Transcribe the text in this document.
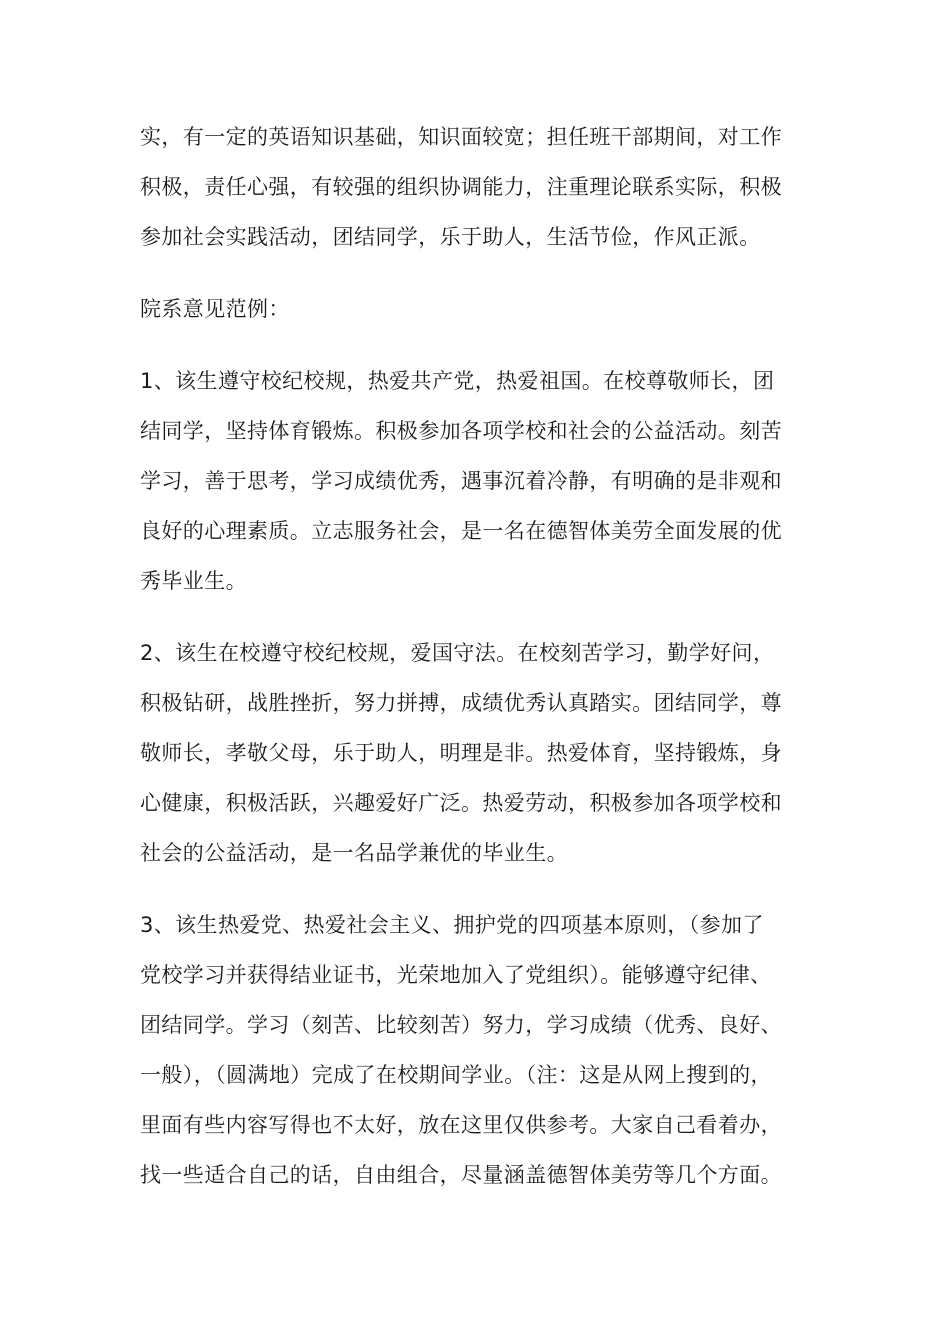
实，有一定的英语知识基础，知识面较宽；担任班干部期间，对工作
积极，责任心强，有较强的组织协调能力，注重理论联系实际，积极
参加社会实践活动，团结同学，乐于助人，生活节俭，作风正派。
院系意见范例：
1、该生遵守校纪校规，热爱共产党，热爱祖国。在校尊敬师长，团
结同学，坚持体育锻炼。积极参加各项学校和社会的公益活动。刻苦
学习，善于思考，学习成绩优秀，遇事沉着冷静，有明确的是非观和
良好的心理素质。立志服务社会，是一名在德智体美劳全面发展的优
秀毕业生。
2、该生在校遵守校纪校规，爱国守法。在校刻苦学习，勤学好问，
积极钻研，战胜挫折，努力拼搏，成绩优秀认真踏实。团结同学，尊
敬师长，孝敬父母，乐于助人，明理是非。热爱体育，坚持锻炼，身
心健康，积极活跃，兴趣爱好广泛。热爱劳动，积极参加各项学校和
社会的公益活动，是一名品学兼优的毕业生。
3、该生热爱党、热爱社会主义、拥护党的四项基本原则，（参加了
党校学习并获得结业证书，光荣地加入了党组织）。能够遵守纪律、
团结同学。学习（刻苦、比较刻苦）努力，学习成绩（优秀、良好、
一般），（圆满地）完成了在校期间学业。（注：这是从网上搜到的，
里面有些内容写得也不太好，放在这里仅供参考。大家自己看着办，
找一些适合自己的话，自由组合，尽量涵盖德智体美劳等几个方面。
